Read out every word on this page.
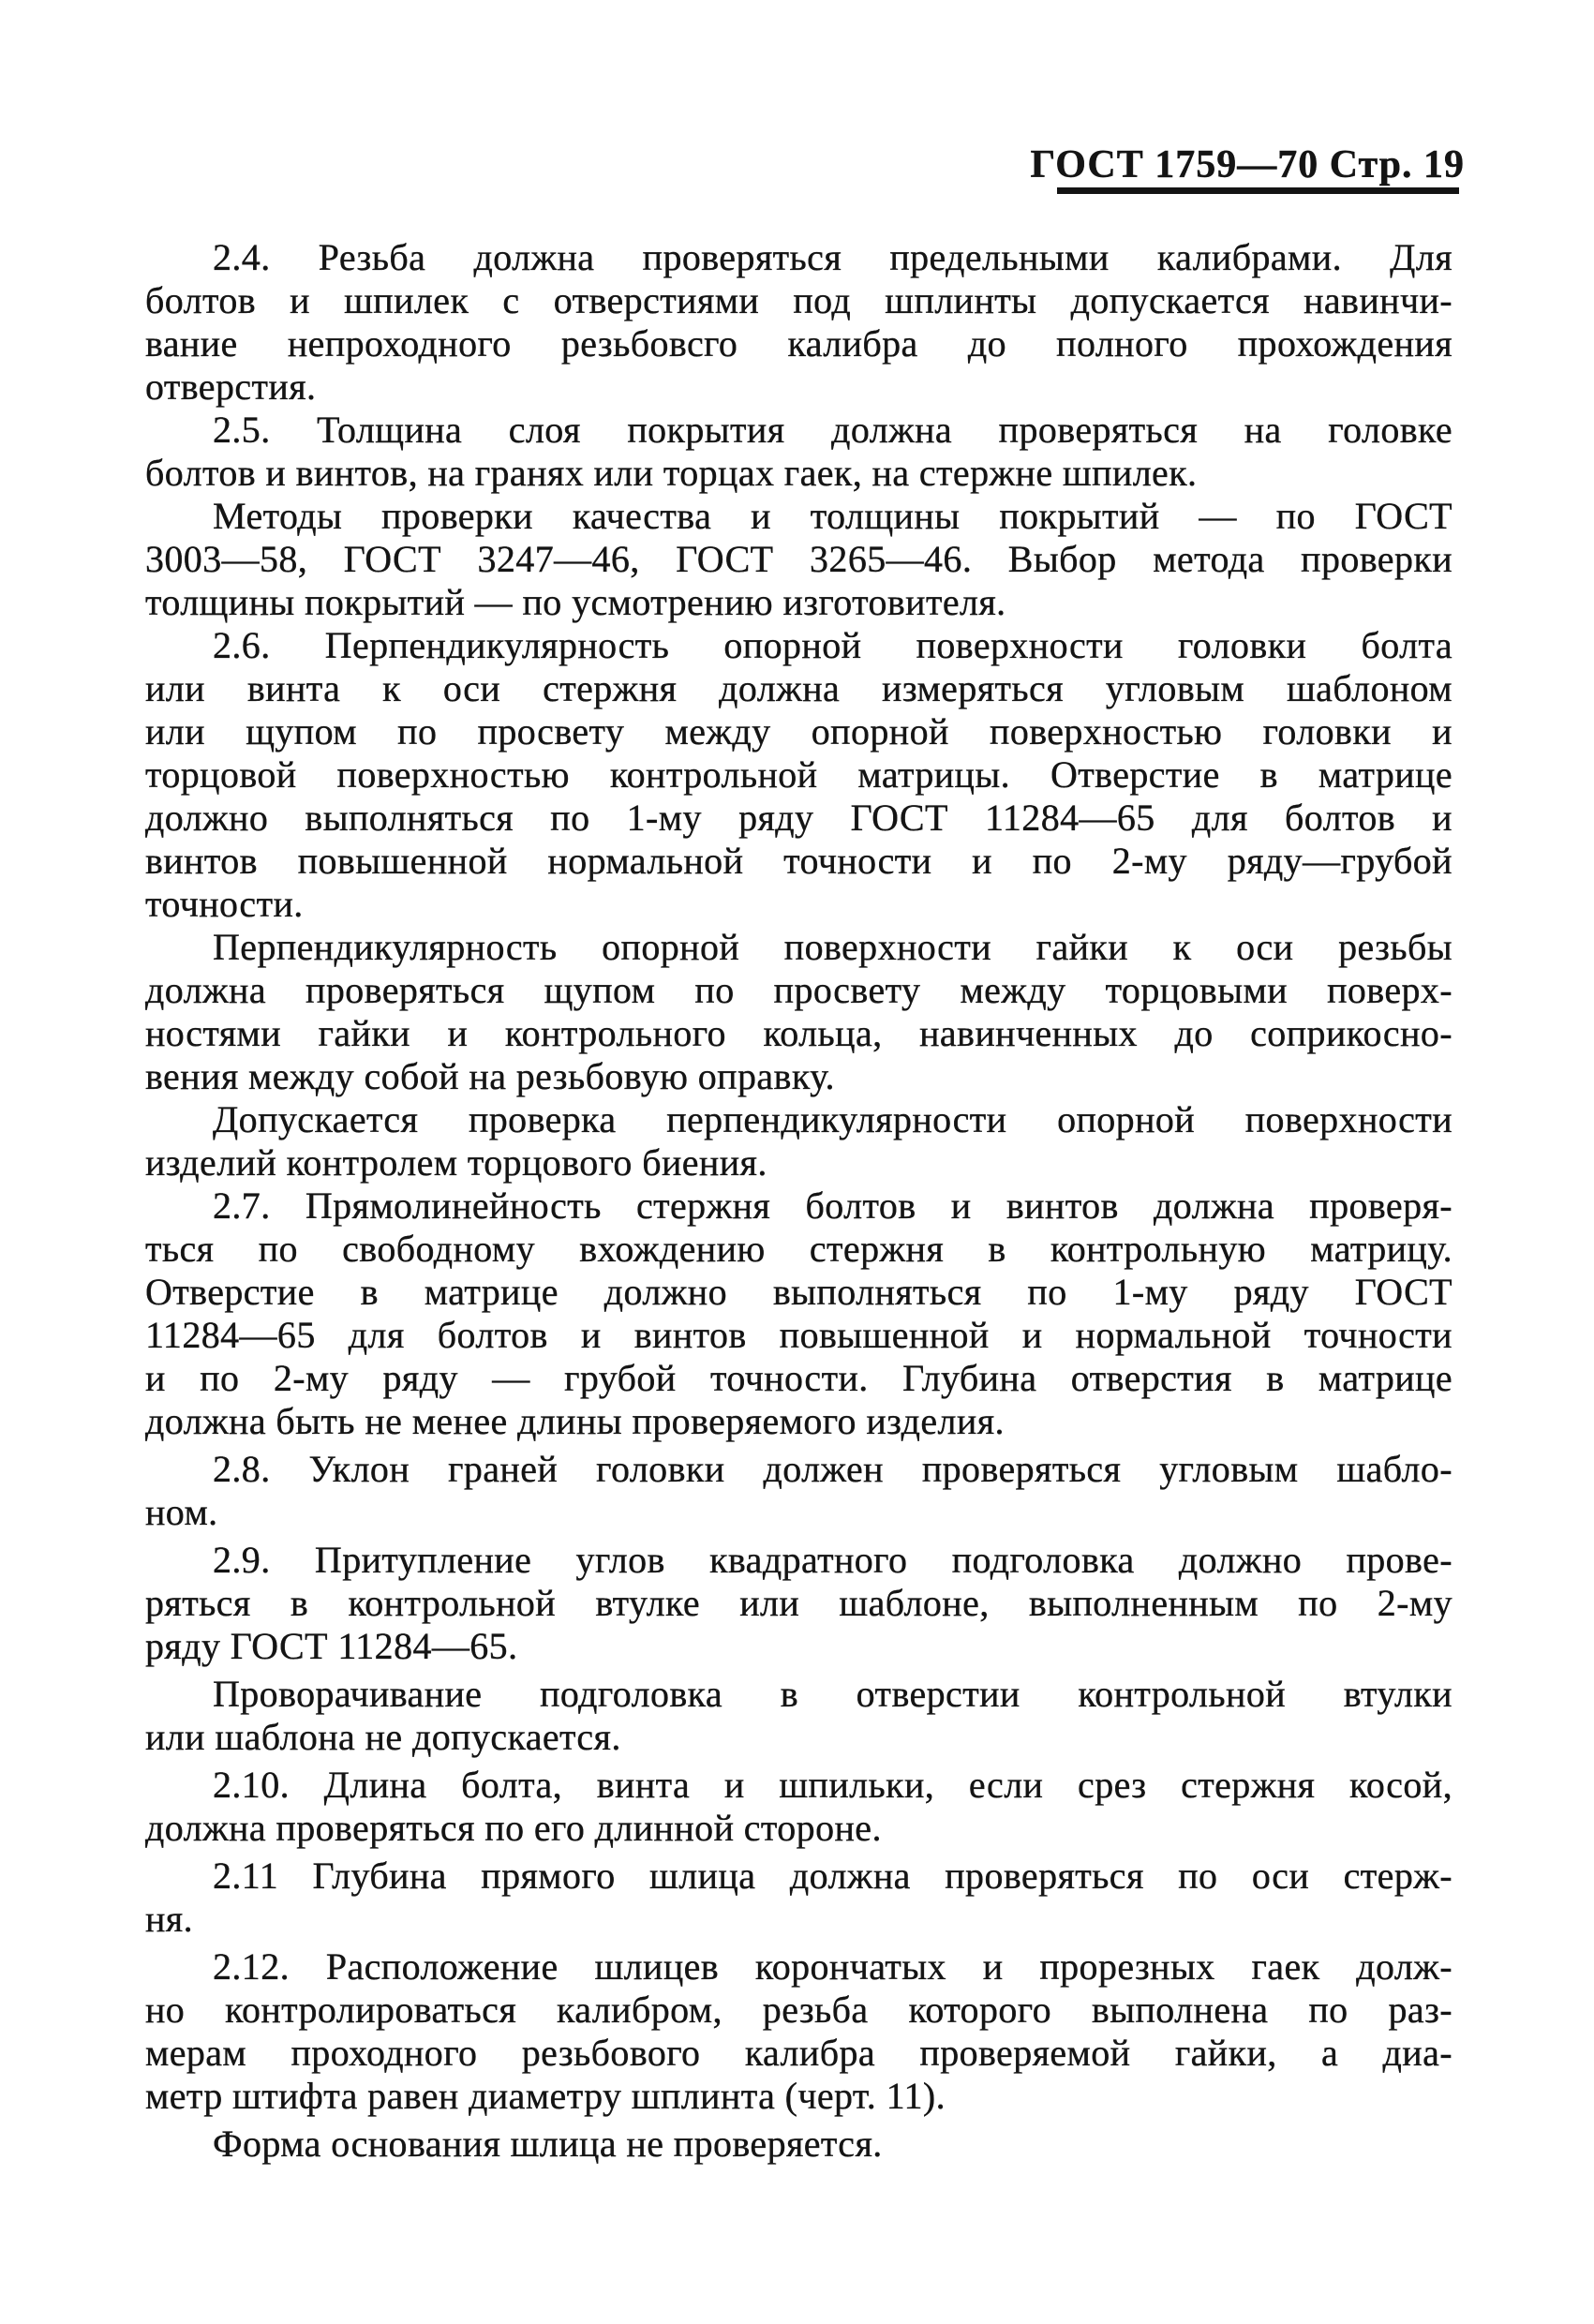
ГОСТ 1759—70 Стр. 19
2.4. Резьба должна проверяться предельными калибрами. Для
болтов и шпилек с отверстиями под шплинты допускается навинчи-
вание непроходного резьбовсго калибра до полного прохождения
отверстия.
2.5. Толщина слоя покрытия должна проверяться на головке
болтов и винтов, на гранях или торцах гаек, на стержне шпилек.
Методы проверки качества и толщины покрытий — по ГОСТ
3003—58, ГОСТ 3247—46, ГОСТ 3265—46. Выбор метода проверки
толщины покрытий — по усмотрению изготовителя.
2.6. Перпендикулярность опорной поверхности головки болта
или винта к оси стержня должна измеряться угловым шаблоном
или щупом по просвету между опорной поверхностью головки и
торцовой поверхностью контрольной матрицы. Отверстие в матрице
должно выполняться по 1-му ряду ГОСТ 11284—65 для болтов и
винтов повышенной нормальной точности и по 2-му ряду—грубой
точности.
Перпендикулярность опорной поверхности гайки к оси резьбы
должна проверяться щупом по просвету между торцовыми поверх-
ностями гайки и контрольного кольца, навинченных до соприкосно-
вения между собой на резьбовую оправку.
Допускается проверка перпендикулярности опорной поверхности
изделий контролем торцового биения.
2.7. Прямолинейность стержня болтов и винтов должна проверя-
ться по свободному вхождению стержня в контрольную матрицу.
Отверстие в матрице должно выполняться по 1-му ряду ГОСТ
11284—65 для болтов и винтов повышенной и нормальной точности
и по 2-му ряду — грубой точности. Глубина отверстия в матрице
должна быть не менее длины проверяемого изделия.
2.8. Уклон граней головки должен проверяться угловым шабло-
ном.
2.9. Притупление углов квадратного подголовка должно прове-
ряться в контрольной втулке или шаблоне, выполненным по 2-му
ряду ГОСТ 11284—65.
Проворачивание подголовка в отверстии контрольной втулки
или шаблона не допускается.
2.10. Длина болта, винта и шпильки, если срез стержня косой,
должна проверяться по его длинной стороне.
2.11 Глубина прямого шлица должна проверяться по оси стерж-
ня.
2.12. Расположение шлицев корончатых и прорезных гаек долж-
но контролироваться калибром, резьба которого выполнена по раз-
мерам проходного резьбового калибра проверяемой гайки, а диа-
метр штифта равен диаметру шплинта (черт. 11).
Форма основания шлица не проверяется.
